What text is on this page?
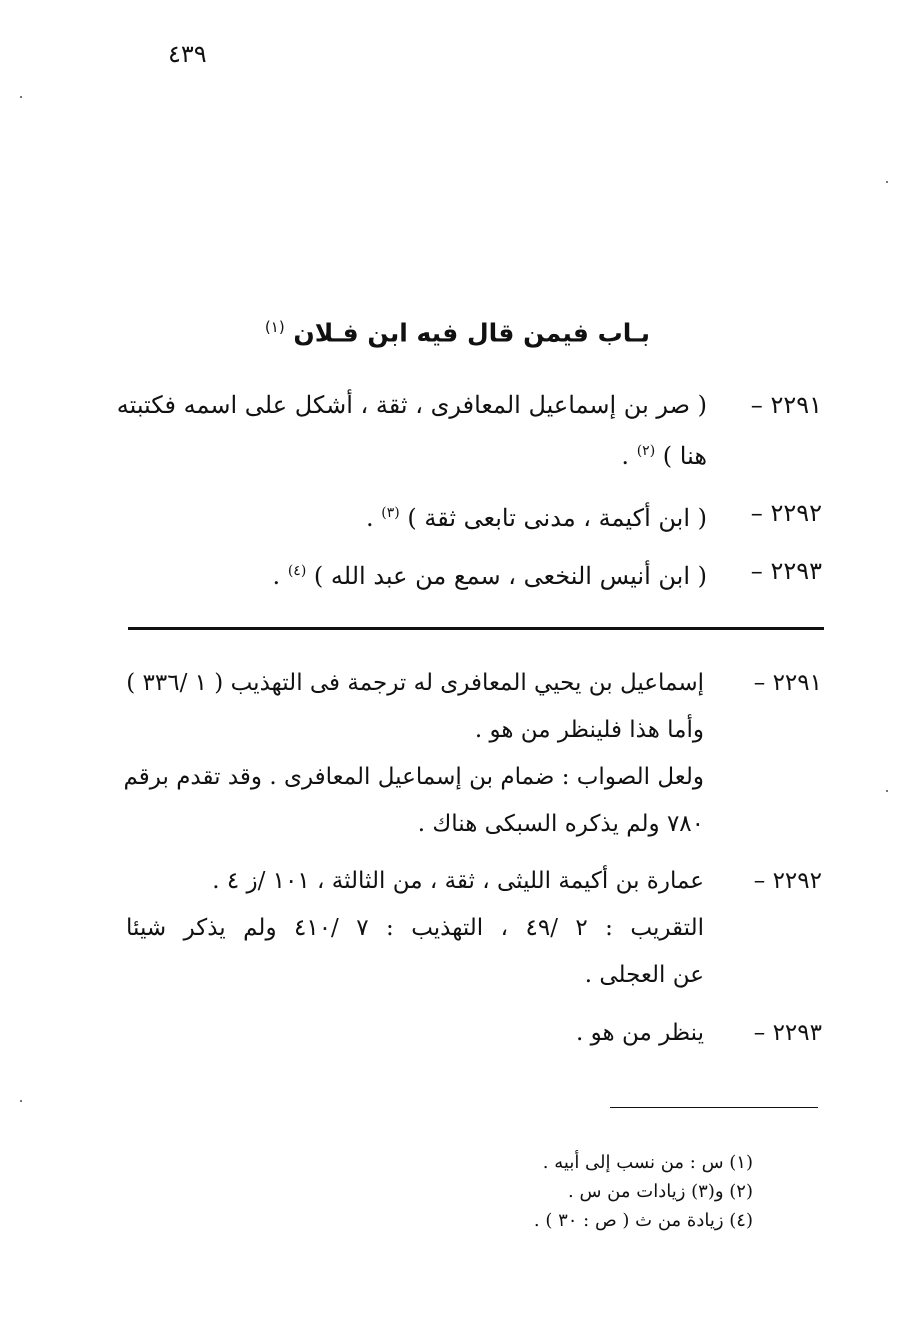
٤٣٩
بـاب فيمن قال فيه ابن فـلان $^{(١)}$
٢٢٩١ –
( صر بن إسماعيل المعافرى ، ثقة ، أشكل على اسمه فكتبته
هنا ) $^{(٢)}$ .
٢٢٩٢ –
( ابن أكيمة ، مدنى تابعى ثقة ) $^{(٣)}$ .
٢٢٩٣ –
( ابن أنيس النخعى ، سمع من عبد الله ) $^{(٤)}$ .
٢٢٩١ –
إسماعيل بن يحيي المعافرى له ترجمة فى التهذيب ( ١ /٣٣٦ )
وأما هذا فلينظر من هو .
ولعل الصواب : ضمام بن إسماعيل المعافرى . وقد تقدم برقم
٧٨٠ ولم يذكره السبكى هناك .
٢٢٩٢ –
عمارة بن أكيمة الليثى ، ثقة ، من الثالثة ، ١٠١ /ز ٤ .
التقريب : ٢ /٤٩ ، التهذيب : ٧ /٤١٠ ولم يذكر شيئا
عن العجلى .
٢٢٩٣ –
ينظر من هو .
(١) س : من نسب إلى أبيه .
(٢) و(٣) زيادات من س .
(٤) زيادة من ث ( ص : ٣٠ ) .
